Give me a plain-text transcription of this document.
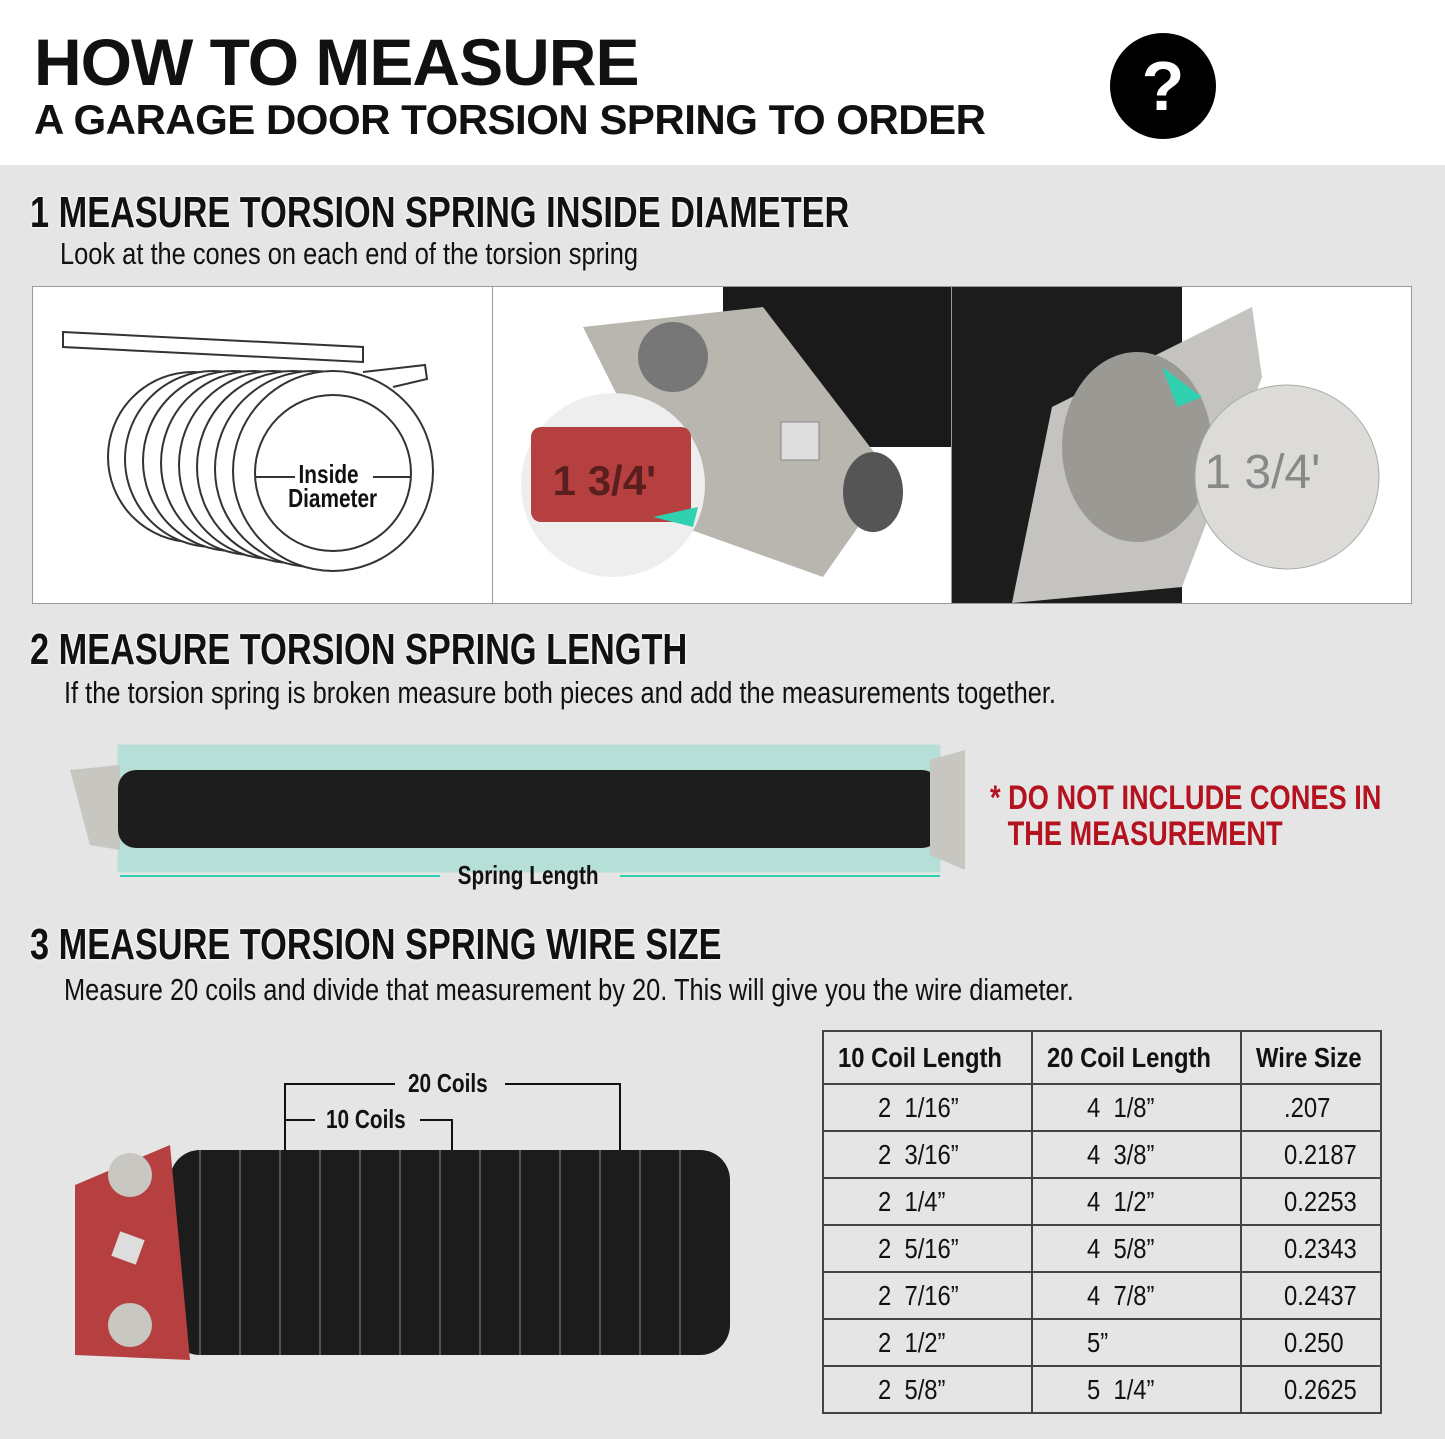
HOW TO MEASURE
A GARAGE DOOR TORSION SPRING TO ORDER	?
1 MEASURE TORSION SPRING INSIDE DIAMETER
Look at the cones on each end of the torsion spring
Inside
Diameter	1 3/4'	1 3/4'
2 MEASURE TORSION SPRING LENGTH
If the torsion spring is broken measure both pieces and add the measurements together.
Spring Length
* DO NOT INCLUDE CONES IN
THE MEASUREMENT
3 MEASURE TORSION SPRING WIRE SIZE
Measure 20 coils and divide that measurement by 20. This will give you the wire diameter.
20 Coils
10 Coils
10 Coil Length	20 Coil Length	Wire Size
2  1/16”	4  1/8”	.207
2  3/16”	4  3/8”	0.2187
2  1/4”	4  1/2”	0.2253
2  5/16”	4  5/8”	0.2343
2  7/16”	4  7/8”	0.2437
2  1/2”	5”	0.250
2  5/8”	5  1/4”	0.2625
